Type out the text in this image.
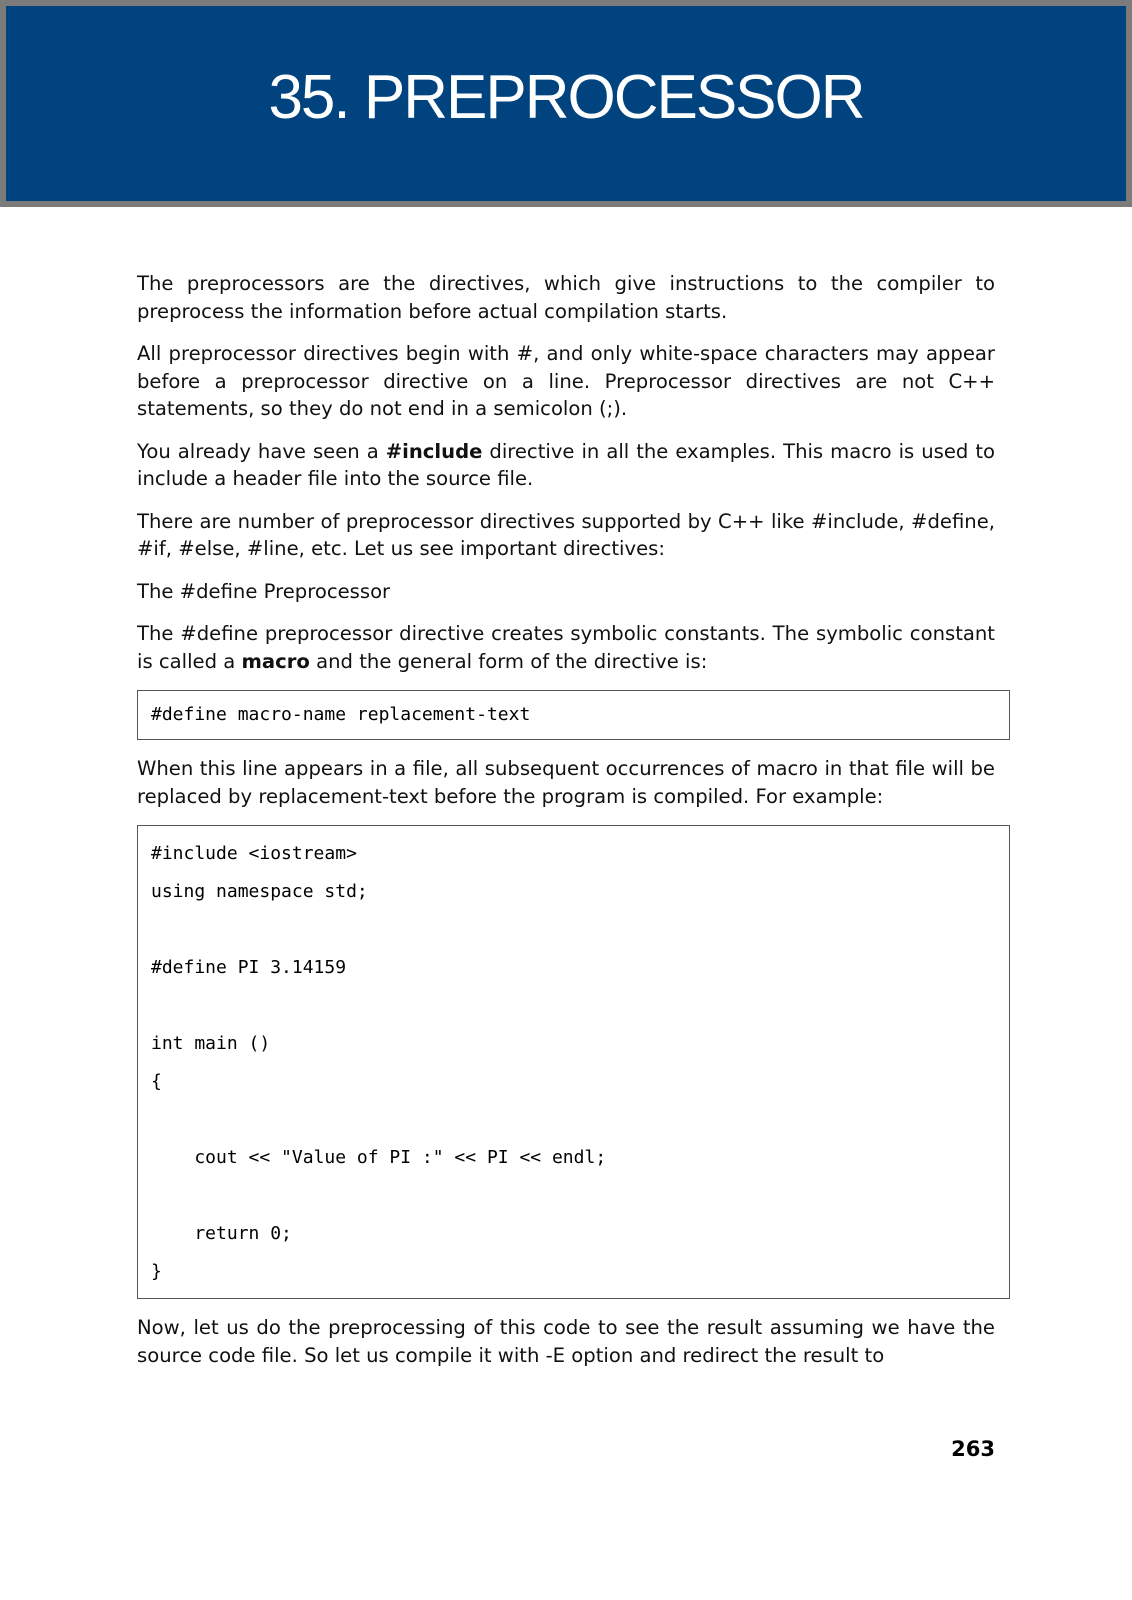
35. PREPROCESSOR

The preprocessors are the directives, which give instructions to the compiler to preprocess the information before actual compilation starts.

All preprocessor directives begin with #, and only white-space characters may appear before a preprocessor directive on a line. Preprocessor directives are not C++ statements, so they do not end in a semicolon (;).

You already have seen a #include directive in all the examples. This macro is used to include a header file into the source file.

There are number of preprocessor directives supported by C++ like #include, #define, #if, #else, #line, etc. Let us see important directives:

The #define Preprocessor

The #define preprocessor directive creates symbolic constants. The symbolic constant is called a macro and the general form of the directive is:

#define macro-name replacement-text

When this line appears in a file, all subsequent occurrences of macro in that file will be replaced by replacement-text before the program is compiled. For example:

#include <iostream>
using namespace std;
#define PI 3.14159
int main ()
{
cout << "Value of PI :" << PI << endl;
return 0;
}

Now, let us do the preprocessing of this code to see the result assuming we have the source code file. So let us compile it with -E option and redirect the result to

263
